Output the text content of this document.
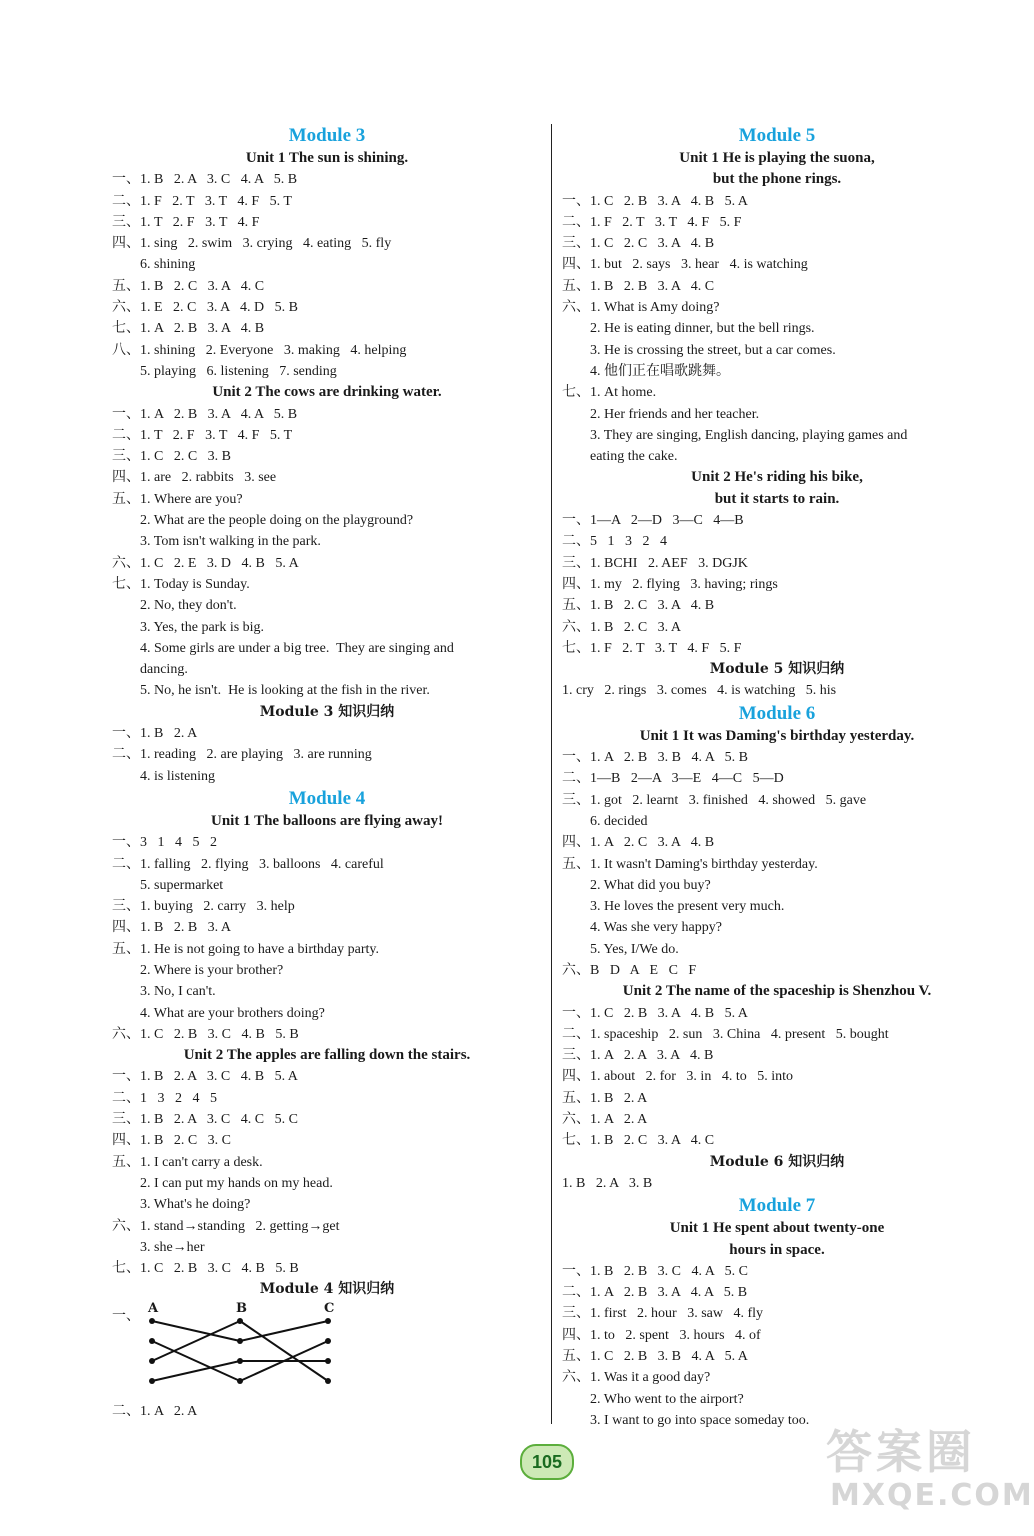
Module 3
Unit 1 The sun is shining.
一、1. B   2. A   3. C   4. A   5. B
二、1. F   2. T   3. T   4. F   5. T
三、1. T   2. F   3. T   4. F
四、1. sing   2. swim   3. crying   4. eating   5. fly
6. shining
五、1. B   2. C   3. A   4. C
六、1. E   2. C   3. A   4. D   5. B
七、1. A   2. B   3. A   4. B
八、1. shining   2. Everyone   3. making   4. helping
5. playing   6. listening   7. sending
Unit 2 The cows are drinking water.
一、1. A   2. B   3. A   4. A   5. B
二、1. T   2. F   3. T   4. F   5. T
三、1. C   2. C   3. B
四、1. are   2. rabbits   3. see
五、1. Where are you?
2. What are the people doing on the playground?
3. Tom isn't walking in the park.
六、1. C   2. E   3. D   4. B   5. A
七、1. Today is Sunday.
2. No, they don't.
3. Yes, the park is big.
4. Some girls are under a big tree.  They are singing and
dancing.
5. No, he isn't.  He is looking at the fish in the river.
Module 3 知识归纳
一、1. B   2. A
二、1. reading   2. are playing   3. are running
4. is listening
Module 4
Unit 1 The balloons are flying away!
一、3   1   4   5   2
二、1. falling   2. flying   3. balloons   4. careful
5. supermarket
三、1. buying   2. carry   3. help
四、1. B   2. B   3. A
五、1. He is not going to have a birthday party.
2. Where is your brother?
3. No, I can't.
4. What are your brothers doing?
六、1. C   2. B   3. C   4. B   5. B
Unit 2 The apples are falling down the stairs.
一、1. B   2. A   3. C   4. B   5. A
二、1   3   2   4   5
三、1. B   2. A   3. C   4. C   5. C
四、1. B   2. C   3. C
五、1. I can't carry a desk.
2. I can put my hands on my head.
3. What's he doing?
六、1. stand→standing   2. getting→get
3. she→her
七、1. C   2. B   3. C   4. B   5. B
Module 4 知识归纳
一、 A	B	C
二、1. A   2. A
Module 5
Unit 1 He is playing the suona,
but the phone rings.
一、1. C   2. B   3. A   4. B   5. A
二、1. F   2. T   3. T   4. F   5. F
三、1. C   2. C   3. A   4. B
四、1. but   2. says   3. hear   4. is watching
五、1. B   2. B   3. A   4. C
六、1. What is Amy doing?
2. He is eating dinner, but the bell rings.
3. He is crossing the street, but a car comes.
4. 他们正在唱歌跳舞。
七、1. At home.
2. Her friends and her teacher.
3. They are singing, English dancing, playing games and
eating the cake.
Unit 2 He's riding his bike,
but it starts to rain.
一、1—A   2—D   3—C   4—B
二、5   1   3   2   4
三、1. BCHI   2. AEF   3. DGJK
四、1. my   2. flying   3. having; rings
五、1. B   2. C   3. A   4. B
六、1. B   2. C   3. A
七、1. F   2. T   3. T   4. F   5. F
Module 5 知识归纳
1. cry   2. rings   3. comes   4. is watching   5. his
Module 6
Unit 1 It was Daming's birthday yesterday.
一、1. A   2. B   3. B   4. A   5. B
二、1—B   2—A   3—E   4—C   5—D
三、1. got   2. learnt   3. finished   4. showed   5. gave
6. decided
四、1. A   2. C   3. A   4. B
五、1. It wasn't Daming's birthday yesterday.
2. What did you buy?
3. He loves the present very much.
4. Was she very happy?
5. Yes, I/We do.
六、B   D   A   E   C   F
Unit 2 The name of the spaceship is Shenzhou V.
一、1. C   2. B   3. A   4. B   5. A
二、1. spaceship   2. sun   3. China   4. present   5. bought
三、1. A   2. A   3. A   4. B
四、1. about   2. for   3. in   4. to   5. into
五、1. B   2. A
六、1. A   2. A
七、1. B   2. C   3. A   4. C
Module 6 知识归纳
1. B   2. A   3. B
Module 7
Unit 1 He spent about twenty-one
hours in space.
一、1. B   2. B   3. C   4. A   5. C
二、1. A   2. B   3. A   4. A   5. B
三、1. first   2. hour   3. saw   4. fly
四、1. to   2. spent   3. hours   4. of
五、1. C   2. B   3. B   4. A   5. A
六、1. Was it a good day?
2. Who went to the airport?
3. I want to go into space someday too.
105	答案圈
MXQE.COM
